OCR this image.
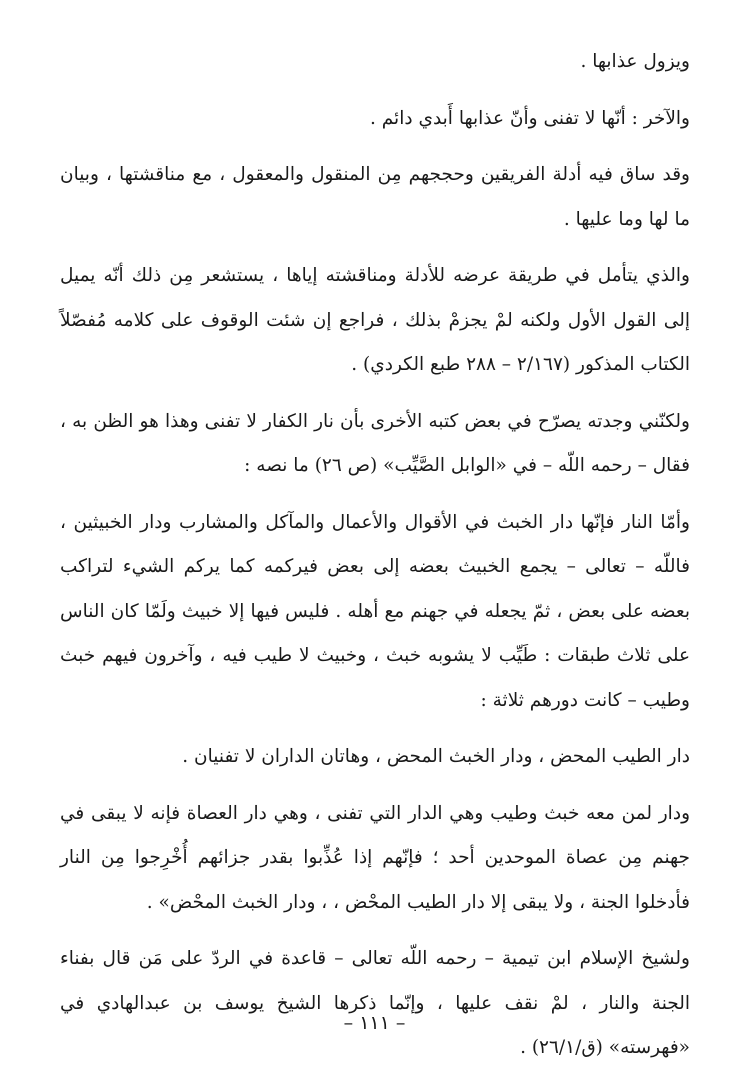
ويزول عذابها .

والآخر : أنّها لا تفنى وأنّ عذابها أَبدي دائم .

وقد ساق فيه أدلة الفريقين وحججهم مِن المنقول والمعقول ، مع مناقشتها ، وبيان ما لها وما عليها .

والذي يتأمل في طريقة عرضه للأدلة ومناقشته إياها ، يستشعر مِن ذلك أنّه يميل إلى القول الأول ولكنه لمْ يجزمْ بذلك ، فراجع إن شئت الوقوف على كلامه مُفصّلاً الكتاب المذكور (٢/١٦٧ – ٢٨٨ طبع الكردي) .

ولكنّني وجدته يصرّح في بعض كتبه الأخرى بأن نار الكفار لا تفنى وهذا هو الظن به ، فقال – رحمه اللّه – في «الوابل الصَّيِّب» (ص ٢٦) ما نصه :

وأمّا النار فإنّها دار الخبث في الأقوال والأعمال والمآكل والمشارب ودار الخبيثين ، فاللّه – تعالى – يجمع الخبيث بعضه إلى بعض فيركمه كما يركم الشيء لتراكب بعضه على بعض ، ثمّ يجعله في جهنم مع أهله . فليس فيها إلا خبيث ولَمّا كان الناس على ثلاث طبقات : طَيِّب لا يشوبه خبث ، وخبيث لا طيب فيه ، وآخرون فيهم خبث وطيب – كانت دورهم ثلاثة :

دار الطيب المحض ، ودار الخبث المحض ، وهاتان الداران لا تفنيان .

ودار لمن معه خبث وطيب وهي الدار التي تفنى ، وهي دار العصاة فإنه لا يبقى في جهنم مِن عصاة الموحدين أحد ؛ فإنّهم إذا عُذِّبوا بقدر جزائهم أُخْرِجوا مِن النار فأدخلوا الجنة ، ولا يبقى إلا دار الطيب المحْض ، ، ودار الخبث المحْض» .

ولشيخ الإسلام ابن تيمية – رحمه اللّه تعالى – قاعدة في الردّ على مَن قال بفناء الجنة والنار ، لمْ نقف عليها ، وإنّما ذكرها الشيخ يوسف بن عبدالهادي في «فهرسته» (ق/٢٦/١) .

– ١١١ –
